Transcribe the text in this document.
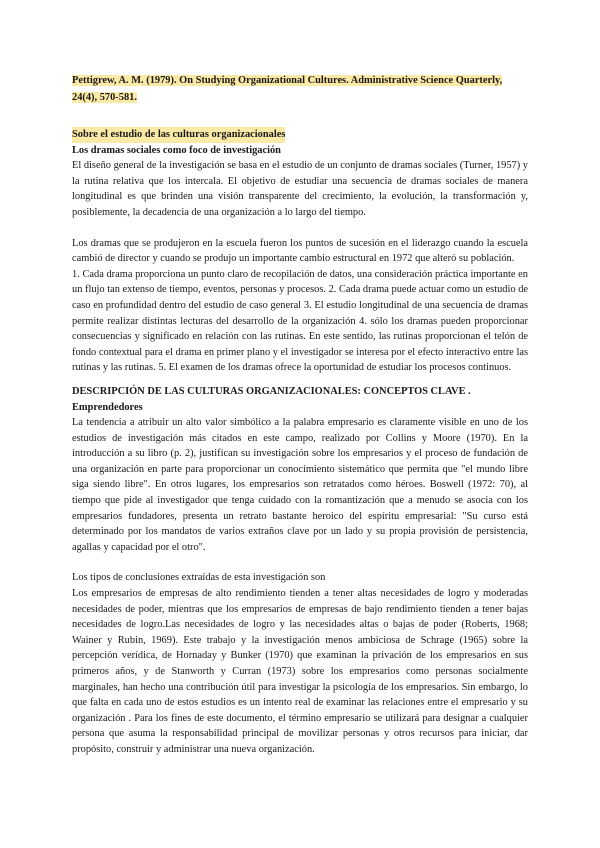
Pettigrew, A. M. (1979). On Studying Organizational Cultures. Administrative Science Quarterly, 24(4), 570-581.
Sobre el estudio de las culturas organizacionales
Los dramas sociales como foco de investigación

El diseño general de la investigación se basa en el estudio de un conjunto de dramas sociales (Turner, 1957) y la rutina relativa que los intercala. El objetivo de estudiar una secuencia de dramas sociales de manera longitudinal es que brinden una visión transparente del crecimiento, la evolución, la transformación y, posiblemente, la decadencia de una organización a lo largo del tiempo.

Los dramas que se produjeron en la escuela fueron los puntos de sucesión en el liderazgo cuando la escuela cambió de director y cuando se produjo un importante cambio estructural en 1972 que alteró su población.

1. Cada drama proporciona un punto claro de recopilación de datos, una consideración práctica importante en un flujo tan extenso de tiempo, eventos, personas y procesos. 2. Cada drama puede actuar como un estudio de caso en profundidad dentro del estudio de caso general 3. El estudio longitudinal de una secuencia de dramas permite realizar distintas lecturas del desarrollo de la organización 4. sólo los dramas pueden proporcionar consecuencias y significado en relación con las rutinas. En este sentido, las rutinas proporcionan el telón de fondo contextual para el drama en primer plano y el investigador se interesa por el efecto interactivo entre las rutinas y las rutinas. 5. El examen de los dramas ofrece la oportunidad de estudiar los procesos continuos.

DESCRIPCIÓN DE LAS CULTURAS ORGANIZACIONALES: CONCEPTOS CLAVE .
Emprendedores

La tendencia a atribuir un alto valor simbólico a la palabra empresario es claramente visible en uno de los estudios de investigación más citados en este campo, realizado por Collins y Moore (1970). En la introducción a su libro (p. 2), justifican su investigación sobre los empresarios y el proceso de fundación de una organización en parte para proporcionar un conocimiento sistemático que permita que "el mundo libre siga siendo libre". En otros lugares, los empresarios son retratados como héroes. Boswell (1972: 70), al tiempo que pide al investigador que tenga cuidado con la romantización que a menudo se asocia con los empresarios fundadores, presenta un retrato bastante heroico del espíritu empresarial: "Su curso está determinado por los mandatos de varios extraños clave por un lado y su propia provisión de persistencia, agallas y capacidad por el otro".

Los tipos de conclusiones extraídas de esta investigación son

Los empresarios de empresas de alto rendimiento tienden a tener altas necesidades de logro y moderadas necesidades de poder, mientras que los empresarios de empresas de bajo rendimiento tienden a tener bajas necesidades de logro.Las necesidades de logro y las necesidades altas o bajas de poder (Roberts, 1968; Wainer y Rubin, 1969). Este trabajo y la investigación menos ambiciosa de Schrage (1965) sobre la percepción verídica, de Hornaday y Bunker (1970) que examinan la privación de los empresarios en sus primeros años, y de Stanworth y Curran (1973) sobre los empresarios como personas socialmente marginales, han hecho una contribución útil para investigar la psicología de los empresarios. Sin embargo, lo que falta en cada uno de estos estudios es un intento real de examinar las relaciones entre el empresario y su organización . Para los fines de este documento, el término empresario se utilizará para designar a cualquier persona que asuma la responsabilidad principal de movilizar personas y otros recursos para iniciar, dar propósito, construir y administrar una nueva organización.
